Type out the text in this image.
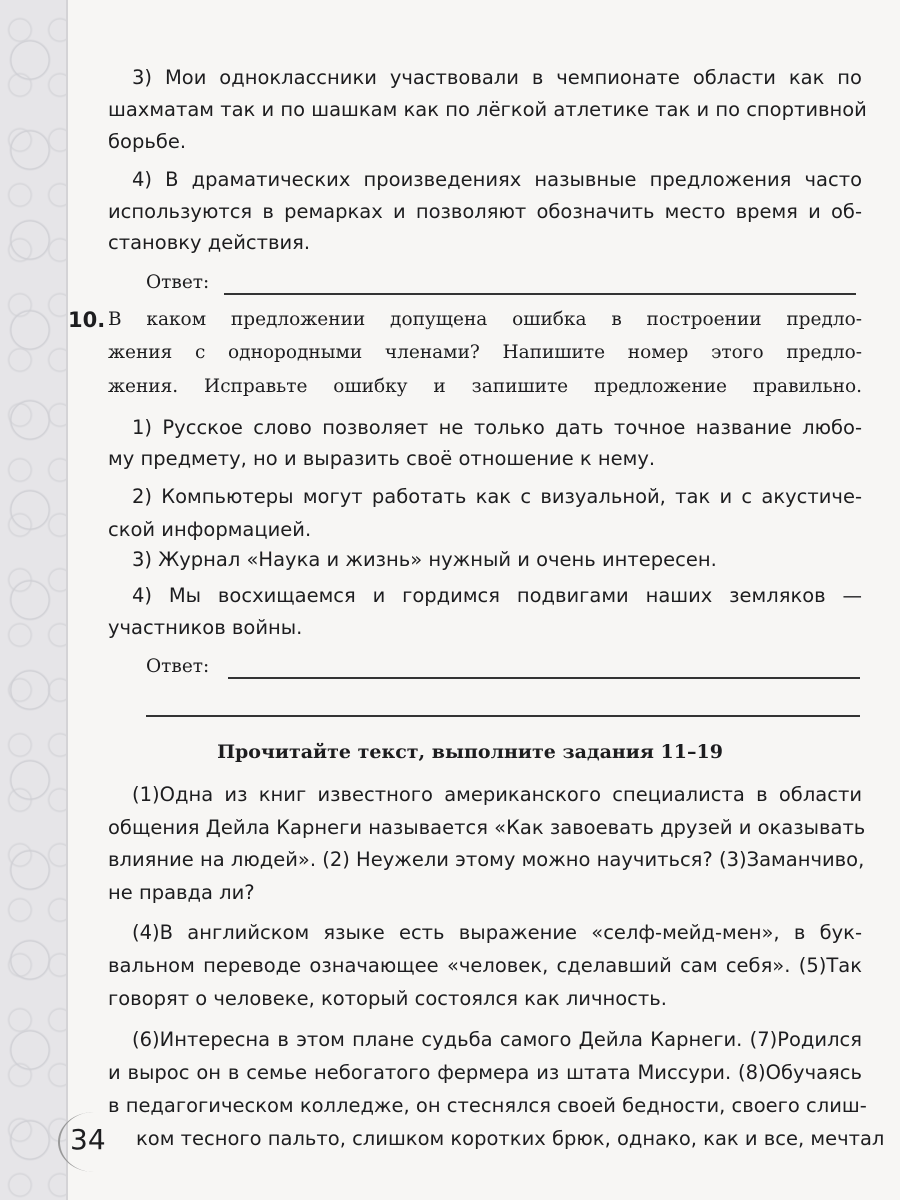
3) Мои одноклассники участвовали в чемпионате области как по
шахматам так и по шашкам как по лёгкой атлетике так и по спортивной
борьбе.
4) В драматических произведениях назывные предложения часто
используются в ремарках и позволяют обозначить место время и об-
становку действия.
Ответ:
10. В каком предложении допущена ошибка в построении предло-
жения с однородными членами? Напишите номер этого предло-
жения. Исправьте ошибку и запишите предложение правильно.
1) Русское слово позволяет не только дать точное название любо-
му предмету, но и выразить своё отношение к нему.
2) Компьютеры могут работать как с визуальной, так и с акустиче-
ской информацией.
3) Журнал «Наука и жизнь» нужный и очень интересен.
4) Мы восхищаемся и гордимся подвигами наших земляков —
участников войны.
Ответ:
Прочитайте текст, выполните задания 11–19
(1)Одна из книг известного американского специалиста в области
общения Дейла Карнеги называется «Как завоевать друзей и оказывать
влияние на людей». (2) Неужели этому можно научиться? (3)Заманчиво,
не правда ли?
(4)В английском языке есть выражение «селф-мейд-мен», в бук-
вальном переводе означающее «человек, сделавший сам себя». (5)Так
говорят о человеке, который состоялся как личность.
(6)Интересна в этом плане судьба самого Дейла Карнеги. (7)Родился
и вырос он в семье небогатого фермера из штата Миссури. (8)Обучаясь
в педагогическом колледже, он стеснялся своей бедности, своего слиш-
ком тесного пальто, слишком коротких брюк, однако, как и все, мечтал
34
